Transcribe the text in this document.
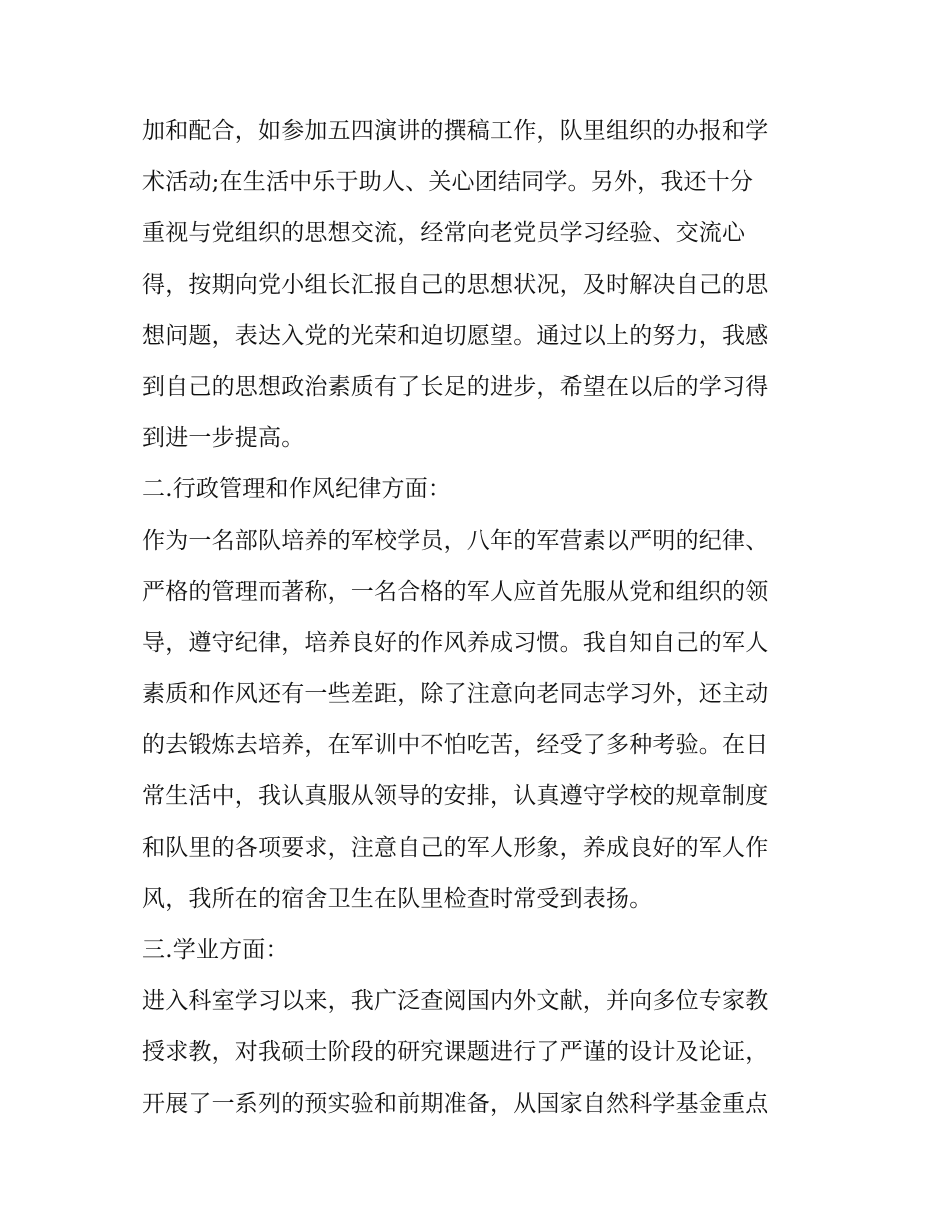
加和配合，如参加五四演讲的撰稿工作，队里组织的办报和学
术活动;在生活中乐于助人、关心团结同学。另外，我还十分
重视与党组织的思想交流，经常向老党员学习经验、交流心
得，按期向党小组长汇报自己的思想状况，及时解决自己的思
想问题，表达入党的光荣和迫切愿望。通过以上的努力，我感
到自己的思想政治素质有了长足的进步，希望在以后的学习得
到进一步提高。
二.行政管理和作风纪律方面：
作为一名部队培养的军校学员，八年的军营素以严明的纪律、
严格的管理而著称，一名合格的军人应首先服从党和组织的领
导，遵守纪律，培养良好的作风养成习惯。我自知自己的军人
素质和作风还有一些差距，除了注意向老同志学习外，还主动
的去锻炼去培养，在军训中不怕吃苦，经受了多种考验。在日
常生活中，我认真服从领导的安排，认真遵守学校的规章制度
和队里的各项要求，注意自己的军人形象，养成良好的军人作
风，我所在的宿舍卫生在队里检查时常受到表扬。
三.学业方面：
进入科室学习以来，我广泛查阅国内外文献，并向多位专家教
授求教，对我硕士阶段的研究课题进行了严谨的设计及论证，
开展了一系列的预实验和前期准备，从国家自然科学基金重点
